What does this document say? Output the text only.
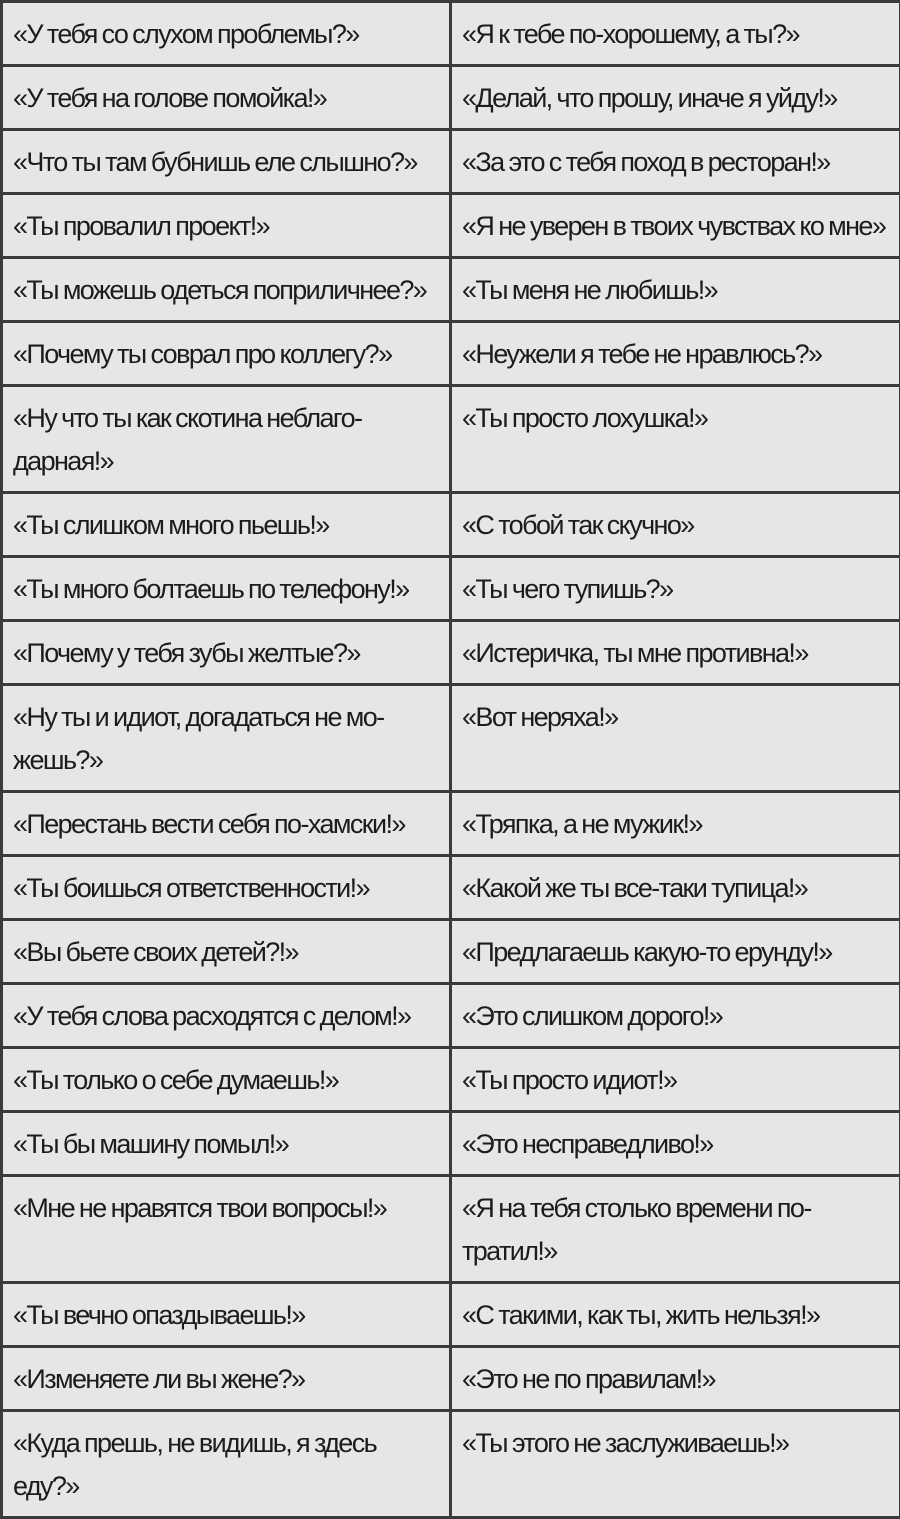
«У тебя со слухом проблемы?»	«Я к тебе по-хорошему, а ты?»

«У тебя на голове помойка!»	«Делай, что прошу, иначе я уйду!»

«Что ты там бубнишь еле слышно?»	«За это с тебя поход в ресторан!»

«Ты провалил проект!»	«Я не уверен в твоих чувствах ко мне»

«Ты можешь одеться поприличнее?»	«Ты меня не любишь!»

«Почему ты соврал про коллегу?»	«Неужели я тебе не нравлюсь?»

«Ну что ты как скотина неблаго-
дарная!»	«Ты просто лохушка!»

«Ты слишком много пьешь!»	«С тобой так скучно»

«Ты много болтаешь по телефону!»	«Ты чего тупишь?»

«Почему у тебя зубы желтые?»	«Истеричка, ты мне противна!»

«Ну ты и идиот, догадаться не мо-
жешь?»	«Вот неряха!»

«Перестань вести себя по-хамски!»	«Тряпка, а не мужик!»

«Ты боишься ответственности!»	«Какой же ты все-таки тупица!»

«Вы бьете своих детей?!»	«Предлагаешь какую-то ерунду!»

«У тебя слова расходятся с делом!»	«Это слишком дорого!»

«Ты только о себе думаешь!»	«Ты просто идиот!»

«Ты бы машину помыл!»	«Это несправедливо!»

«Мне не нравятся твои вопросы!»	«Я на тебя столько времени по-
тратил!»

«Ты вечно опаздываешь!»	«С такими, как ты, жить нельзя!»

«Изменяете ли вы жене?»	«Это не по правилам!»

«Куда прешь, не видишь, я здесь
еду?»	«Ты этого не заслуживаешь!»
